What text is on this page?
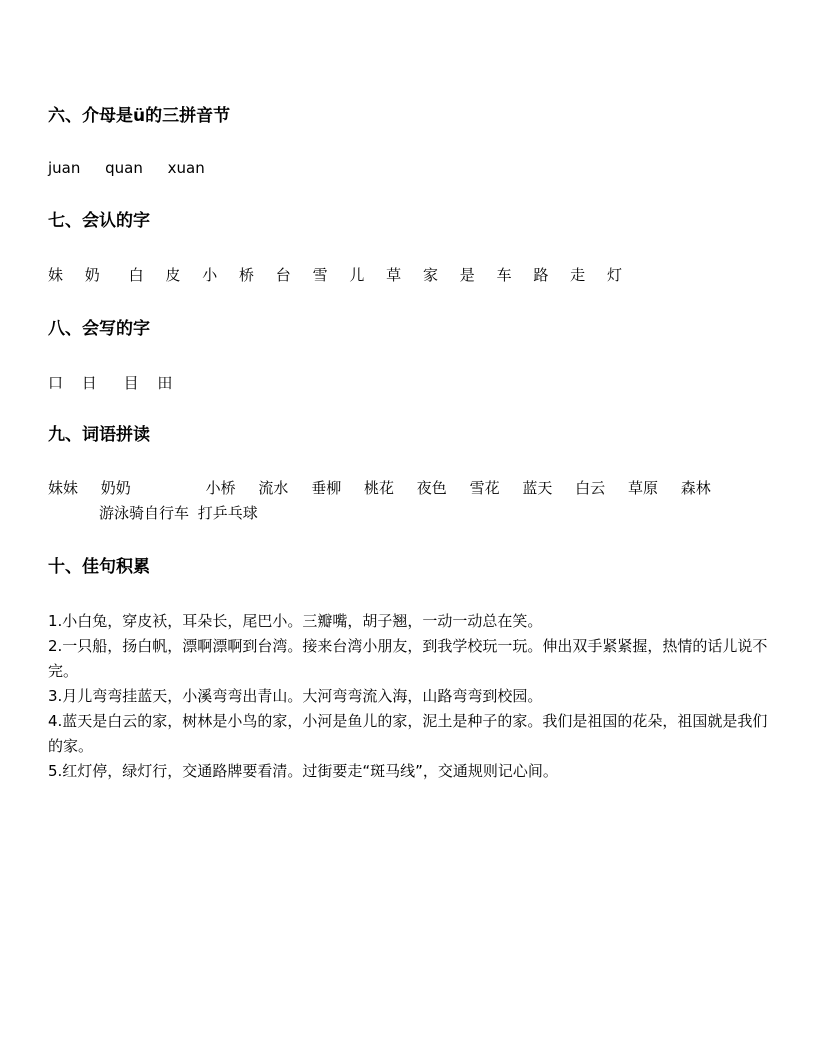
六、介母是ü的三拼音节
juan quan xuan
七、会认的字
妹 奶 白 皮 小 桥 台 雪 儿 草 家 是 车 路 走 灯
八、会写的字
口 日 目 田
九、词语拼读
妹妹 奶奶	小桥 流水 垂柳 桃花 夜色 雪花 蓝天 白云 草原 森林
游泳骑自行车 打乒乓球
十、佳句积累

1.小白兔，穿皮袄，耳朵长，尾巴小。三瓣嘴，胡子翘，一动一动总在笑。

2.一只船，扬白帆，漂啊漂啊到台湾。接来台湾小朋友，到我学校玩一玩。伸出双手紧紧握，热情的话儿说不完。

3.月儿弯弯挂蓝天，小溪弯弯出青山。大河弯弯流入海，山路弯弯到校园。

4.蓝天是白云的家，树林是小鸟的家，小河是鱼儿的家，泥土是种子的家。我们是祖国的花朵，祖国就是我们的家。

5.红灯停，绿灯行，交通路牌要看清。过街要走“斑马线”，交通规则记心间。
